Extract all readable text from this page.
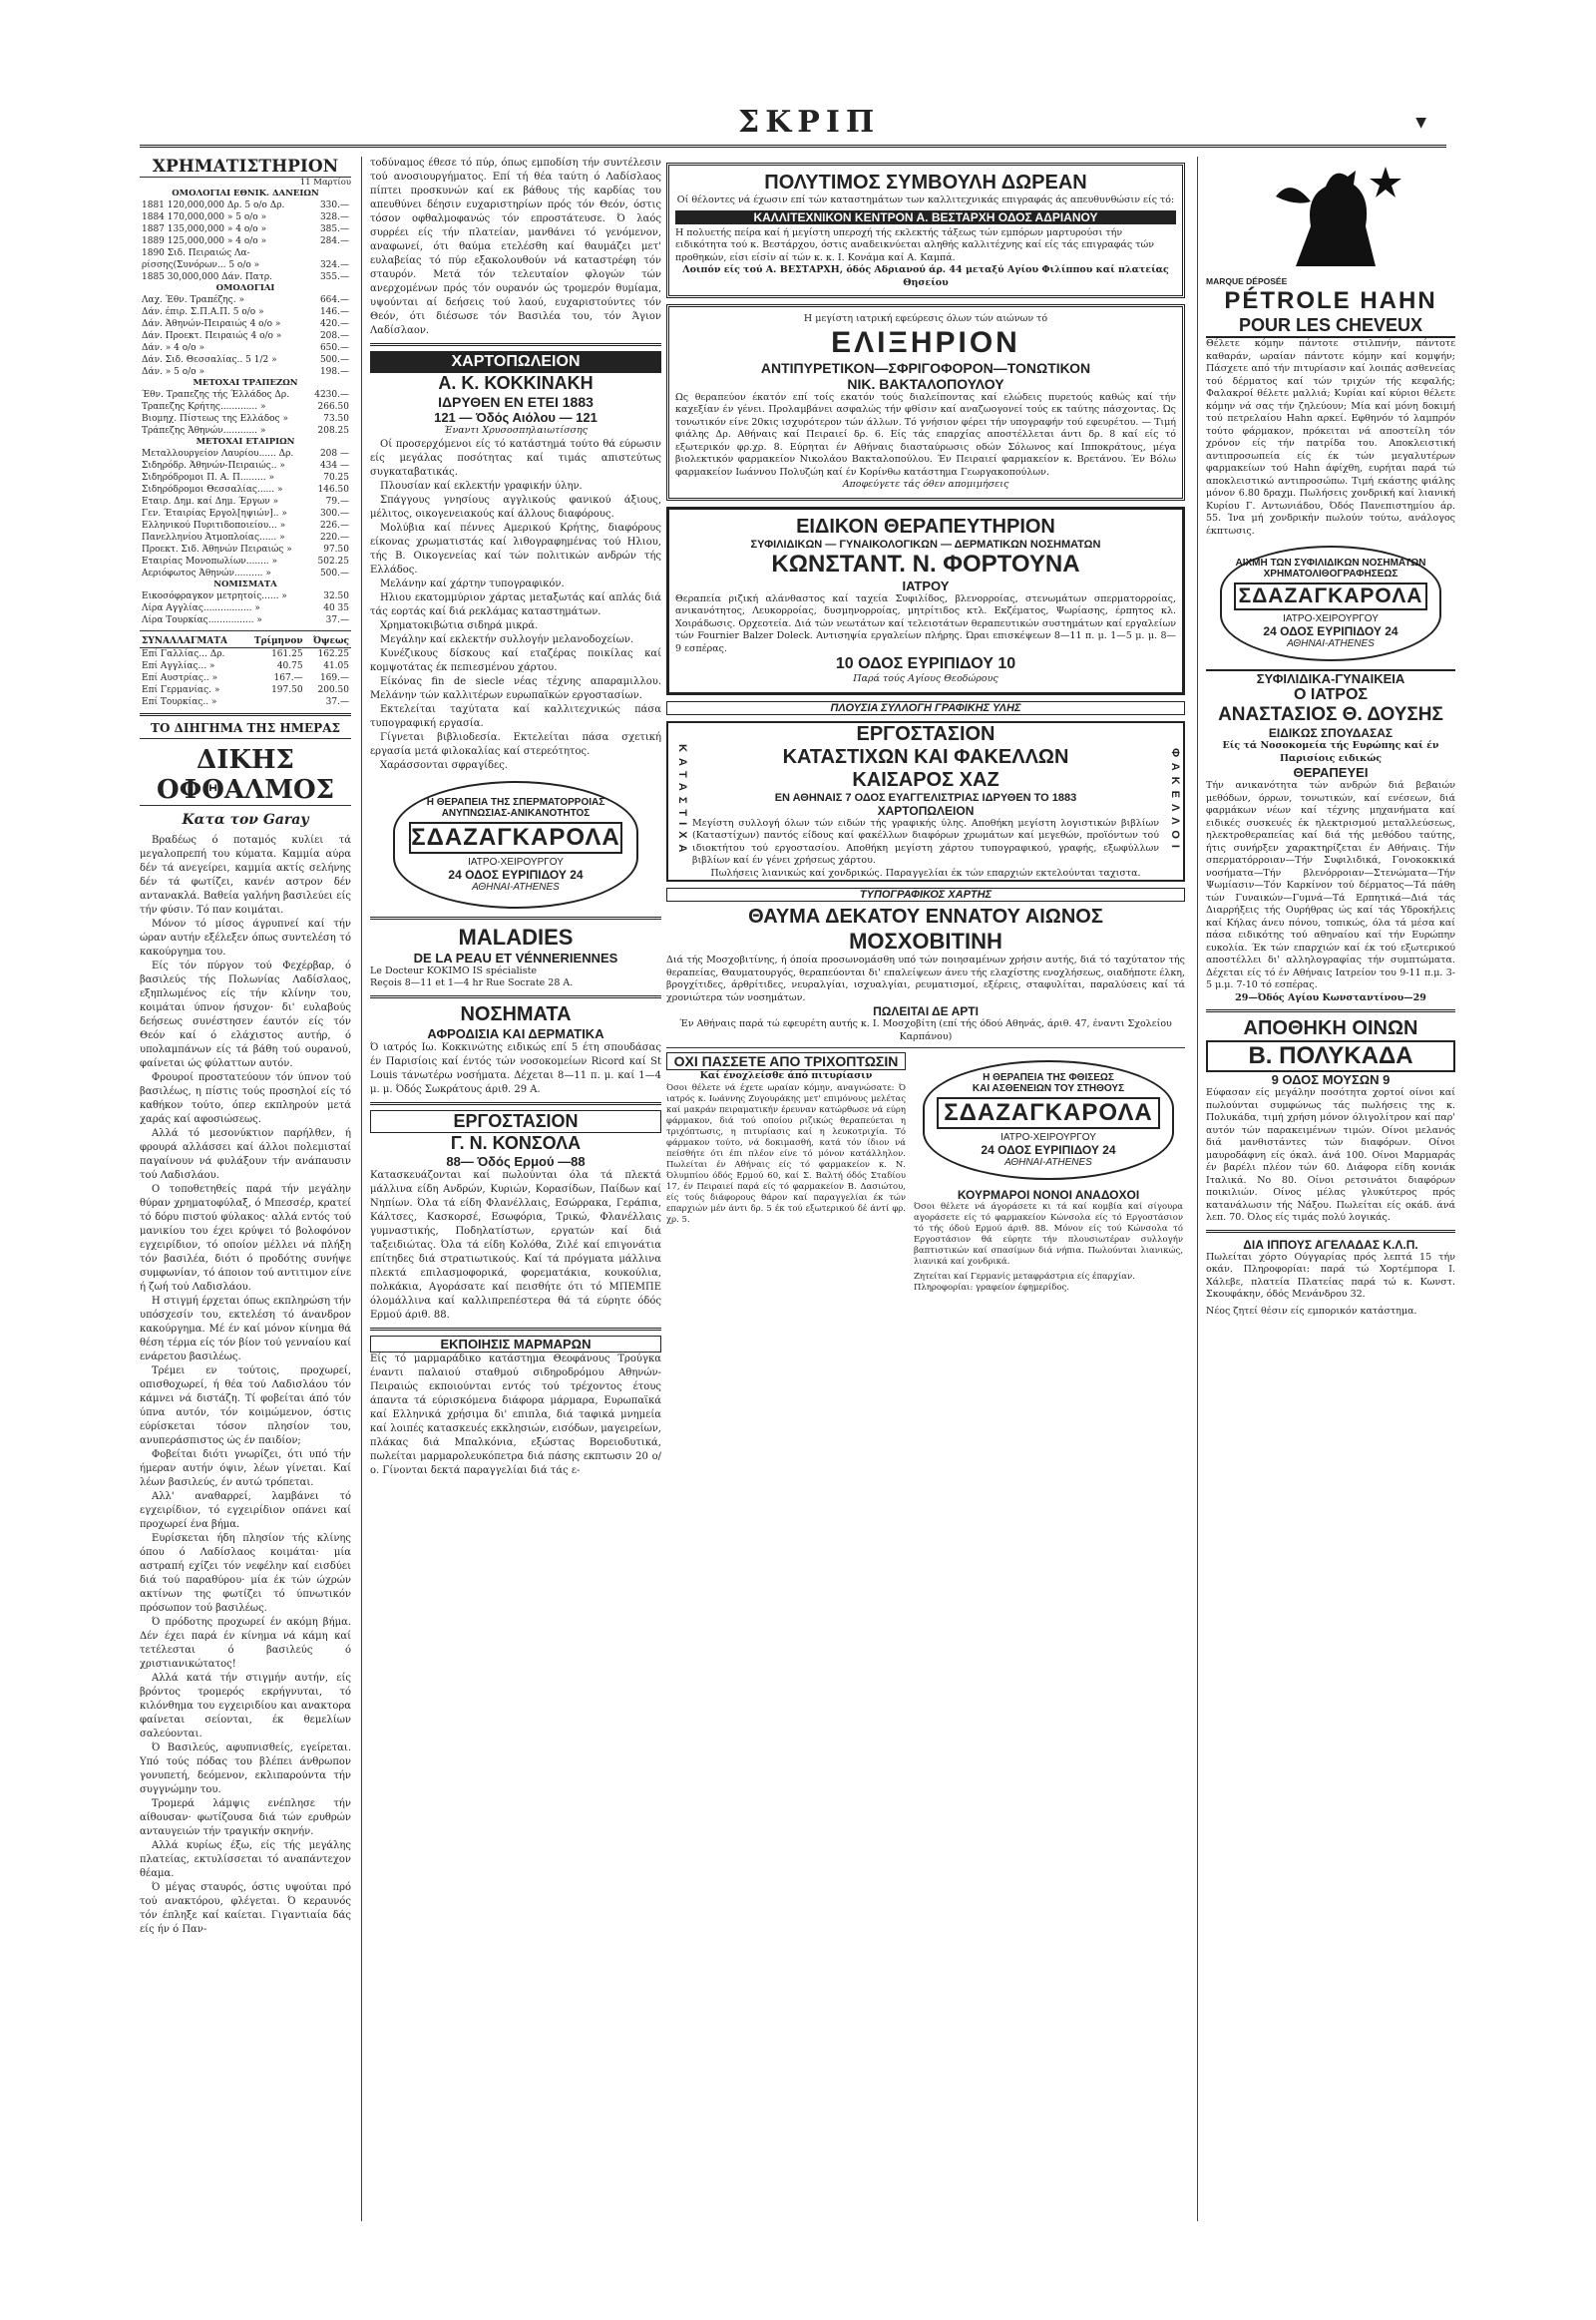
ΣΚΡΙΠ	▼
ΧΡΗΜΑΤΙΣΤΗΡΙΟΝ
11 Μαρτίου
ΟΜΟΛΟΓΙΑΙ ΕΘΝΙΚ. ΔΑΝΕΙΩΝ
1881 120,000,000 Δρ. 5 ο/ο Δρ.	330.—
1884 170,000,000 » 5 ο/ο »	328.—
1887 135,000,000 » 4 ο/ο »	385.—
1889 125,000,000 » 4 ο/ο »	284.—
1890 Σιδ. Πειραιώς Λα-	
ρίσσης(Συνόρων... 5 ο/ο »	324.—
1885 30,000,000 Δάν. Πατρ.	355.—
ΟΜΟΛΟΓΙΑΙ
Λαχ. Έθν. Τραπέζης. »	664.—
Δάν. έπιρ. Σ.Π.Α.Π. 5 ο/ο »	146.—
Δάν. Άθηνών-Πειραιώς 4 ο/ο »	420.—
Δάν. Προεκτ. Πειραιώς 4 ο/ο »	208.—
Δάν. » 4 ο/ο »	650.—
Δάν. Σιδ. Θεσσαλίας.. 5 1/2 »	500.—
Δάν. » 5 ο/ο »	198.—
ΜΕΤΟΧΑΙ ΤΡΑΠΕΖΩΝ
Έθν. Τραπεζης τής Έλλάδος Δρ.	4230.—
Τραπεζης Κρήτης............. »	266.50
Βιομηχ. Πίστεως της Ελλάδος »	73.50
Τράπεζης Άθηνών............ »	208.25
ΜΕΤΟΧΑΙ ΕΤΑΙΡΙΩΝ
Μεταλλουργείον Λαυρίου...... Δρ.	208 —
Σιδηρόδρ. Άθηνών-Πειραιώς.. »	434 —
Σιδηρόδρομοι Π. Α. Π......... »	70.25
Σιδηρόδρομοι Θεσσαλίας...... »	146.50
Εταιρ. Δημ. καί Δημ. Έργων »	79.—
Γεν. Έταιρίας Εργολ[ηψιών].. »	300.—
Ελληνικού Πυριτιδοποιείου... »	226.—
Πανελληνίου Άτμοπλοίας...... »	220.—
Προεκτ. Σιδ. Άθηνών Πειραιώς »	97.50
Εταιρίας Μονοπωλίων........ »	502.25
Αεριόφωτος Άθηνών.......... »	500.—
ΝΟΜΙΣΜΑΤΑ
Εικοσόφραγκον μετρητοίς...... »	32.50
Λίρα Αγγλίας................. »	40 35
Λίρα Τουρκίας................ »	37.—
ΣΥΝΑΛΛΑΓΜΑΤΑ	Τρίμηνον	Όψεως
Επί Γαλλίας... Δρ.	161.25	162.25
Επί Αγγλίας... »	40.75	41.05
Επί Αυστρίας.. »	167.—	169.—
Επί Γερμανίας. »	197.50	200.50
Επί Τουρκίας.. »		37.—
ΤΟ ΔΙΗΓΗΜΑ ΤΗΣ ΗΜΕΡΑΣ
ΔΙΚΗΣ ΟΦΘΑΛΜΟΣ
Κατα τον Garay
Βραδέως ό ποταμός κυλίει τά μεγαλοπρεπή του κύματα. Καμμία αύρα δέν τά ανεγείρει, καμμία ακτίς σελήνης δέν τά φωτίζει, κανέν αστρον δέν αντανακλά. Βαθεία γαλήνη βασιλεύει είς τήν φύσιν. Τό παν κοιμάται.
Μόνον τό μίσος άγρυπνεί καί τήν ώραν αυτήν εξέλεξεν όπως συντελέση τό κακούργημα του.
Είς τόν πύργον τού Φεχέρβαρ, ό βασιλεύς τής Πολωνίας Λαδίσλαος, εξηπλωμένος είς τήν κλίνην του, κοιμάται ύπνον ήσυχον· δι' ευλαβούς δεήσεως συνέστησεν έαυτόν είς τόν Θεόν καί ό ελάχιστος αυτήρ, ό υπολαμπάνων είς τά βάθη τού ουρανού, φαίνεται ώς φύλαττων αυτόν.
Φρουροί προστατεύουν τόν ύπνον τού βασιλέως, η πίστις τούς προσηλοί είς τό καθήκον τούτο, όπερ εκπληρούν μετά χαράς καί αφοσιώσεως.
Αλλά τό μεσονύκτιον παρήλθεν, ή φρουρά αλλάσσει καί άλλοι πολεμισταί παγαίνουν νά φυλάξουν τήν ανάπαυσιν τού Λαδισλάου.
Ο τοποθετηθείς παρά τήν μεγάλην θύραν χρηματοφύλαξ, ό Μπεσσέρ, κρατεί τό δόρυ πιστού φύλακος· αλλά εντός τού μανικίου του έχει κρύψει τό βολοφόνον εγχειρίδιον, τό οποίον μέλλει νά πλήξη τόν βασιλέα, διότι ό προδότης συνήψε συμφωνίαν, τό άποιον τού αντιτιμον είνε ή ζωή τού Λαδισλάου.
Η στιγμή έρχεται όπως εκπληρώση τήν υπόσχεσίν του, εκτελέση τό άνανδρον κακούργημα. Μέ έν καί μόνον κίνημα θά θέση τέρμα είς τόν βίον τού γενναίου καί ενάρετου βασιλέως.
Τρέμει εν τούτοις, προχωρεί, οπισθοχωρεί, ή θέα τού Λαδισλάου τόν κάμνει νά διστάζη. Τί φοβείται άπό τόν ύπνα αυτόν, τόν κοιμώμενον, όστις εύρίσκεται τόσον πλησίον του, ανυπεράσπιστος ώς έν παιδίον;
Φοβείται διότι γνωρίζει, ότι υπό τήν ήμεραν αυτήν όψιν, λέων γίνεται. Καί λέων βασιλεύς, έν αυτώ τρόπεται.
Αλλ' αναθαρρεί, λαμβάνει τό εγχειρίδιον, τό εγχειρίδιον οπάνει καί προχωρεί ένα βήμα.
Ευρίσκεται ήδη πλησίον τής κλίνης όπου ό Λαδίσλαος κοιμάται· μία αστραπή εχίζει τόν νεφέλην καί εισδύει διά τού παραθύρου· μία έκ τών ώχρών ακτίνων της φωτίζει τό ύπνωτικόν πρόσωπον τού βασιλέως.
Ό πρόδοτης προχωρεί έν ακόμη βήμα. Δέν έχει παρά έν κίνημα νά κάμη καί τετέλεσται ό βασιλεύς ό χριστιανικώτατος!
Αλλά κατά τήν στιγμήν αυτήν, είς βρόντος τρομερός εκρήγνυται, τό κιλόνθημα του εγχειριδίου και ανακτορα φαίνεται σείονται, έκ θεμελίων σαλεύονται.
Ό Βασιλεύς, αφυπνισθείς, εγείρεται. Υπό τούς πόδας του βλέπει άνθρωπον γονυπετή, δεόμενον, εκλιπαρούντα τήν συγγνώμην του.
Τρομερά λάμψις ενέπλησε τήν αίθουσαν· φωτίζουσα διά τών ερυθρών ανταυγειών τήν τραγικήν σκηνήν.
Αλλά κυρίως έξω, είς τής μεγάλης πλατείας, εκτυλίσσεται τό αναπάντεχον θέαμα.
Ό μέγας σταυρός, όστις υψούται πρό τού ανακτόρου, φλέγεται. Ό κεραυνός τόν έπληξε καί καίεται. Γιγαντιαία δάς είς ήν ό Παν-
τοδύναμος έθεσε τό πύρ, όπως εμποδίση τήν συντέλεσιν τού ανοσιουργήματος. Επί τή θέα ταύτη ό Λαδίσλαος πίπτει προσκυνών καί εκ βάθους τής καρδίας του απευθύνει δέησιν ευχαριστηρίων πρός τόν Θεόν, όστις τόσον οφθαλμοφανώς τόν επροστάτευσε. Ό λαός συρρέει είς τήν πλατείαν, μανθάνει τό γενόμενον, αναφωνεί, ότι θαύμα ετελέσθη καί θαυμάζει μετ' ευλαβείας τό πύρ εξακολουθούν νά καταστρέφη τόν σταυρόν. Μετά τόν τελευταίον φλογών τών ανερχομένων πρός τόν ουρανόν ώς τρομερόν θυμίαμα, υψούνται αί δεήσεις τού λαού, ευχαριστούντες τόν Θεόν, ότι διέσωσε τόν Βασιλέα του, τόν Άγιον Λαδίσλαον.
ΧΑΡΤΟΠΩΛΕΙΟΝ
Α. Κ. ΚΟΚΚΙΝΑΚΗ
ΙΔΡΥΘΕΝ ΕΝ ΕΤΕΙ 1883
121 — Όδός Αιόλου — 121
Έναντι Χρυσοσπηλαιωτίσσης
Οί προσερχόμενοι είς τό κατάστημά τούτο θά εύρωσιν είς μεγάλας ποσότητας καί τιμάς απιστεύτως συγκαταβατικάς.
Πλουσίαν καί εκλεκτήν γραφικήν ύλην.
Σπάγγους γνησίους αγγλικούς φανικού άξιους, μέλιτος, οικογενειακούς καί άλλους διαφόρους.
Μολύβια καί πέννες Αμερικού Κρήτης, διαφόρους είκονας χρωματιστάς καί λιθογραφημένας τού Ηλιου, τής Β. Οικογενείας καί τών πολιτικών ανδρών τής Ελλάδος.
Μελάνην καί χάρτην τυπογραφικόν.
Ηλιου εκατομμύριον χάρτας μεταξωτάς καί απλάς διά τάς εορτάς καί διά ρεκλάμας καταστημάτων.
Χρηματοκιβώτια σιδηρά μικρά.
Μεγάλην καί εκλεκτήν συλλογήν μελανοδοχείων.
Κυνέζικους δίσκους καί εταζέρας ποικίλας καί κομψοτάτας έκ πεπιεσμένου χάρτου.
Είκόνας fin de siecle νέας τέχνης απαραμιλλου. Μελάνην τών καλλιτέρων ευρωπαϊκών εργοστασίων.
Εκτελείται ταχύτατα καί καλλιτεχνικώς πάσα τυπογραφική εργασία.
Γίγνεται βιβλιοδεσία. Εκτελείται πάσα σχετική εργασία μετά φιλοκαλίας καί στερεότητος.
Χαράσσονται σφραγίδες.
Η ΘΕΡΑΠΕΙΑ ΤΗΣ ΣΠΕΡΜΑΤΟΡΡΟΙΑΣ
ΑΝΥΠΝΩΣΙΑΣ-ΑΝΙΚΑΝΟΤΗΤΟΣ
ΣΔΑΖΑΓΚΑΡΟΛΑ
ΙΑΤΡΟ-ΧΕΙΡΟΥΡΓΟΥ
24 ΟΔΟΣ ΕΥΡΙΠΙΔΟΥ 24
ΑΘΗΝΑΙ-ATHENES
MALADIES
DE LA PEAU ET VÉNNERIENNES
Le Docteur KOKIMO IS spécialiste
Reçois 8—11 et 1—4 hr Rue Socrate 28 A.
ΝΟΣΗΜΑΤΑ
ΑΦΡΟΔΙΣΙΑ ΚΑΙ ΔΕΡΜΑΤΙΚΑ
Ό ιατρός Ιω. Κοκκινώτης ειδικώς επί 5 έτη σπουδάσας έν Παρισίοις καί έντός τών νοσοκομείων Ricord καί St Louis τάνωτέρω νοσήματα. Δέχεται 8—11 π. μ. καί 1—4 μ. μ. Όδός Σωκράτους άριθ. 29 Α.
ΕΡΓΟΣΤΑΣΙΟΝ
Γ. Ν. ΚΟΝΣΟΛΑ
88— Όδός Ερμού —88
Κατασκευάζονται καί πωλούνται όλα τά πλεκτά μάλλινα είδη Ανδρών, Κυριών, Κορασίδων, Παίδων καί Νηπίων. Όλα τά είδη Φλανέλλαις, Εσώρρακα, Γεράπια, Κάλτσες, Κασκορσέ, Εσωφόρια, Τρικώ, Φλανέλλαις γυμναστικής, Ποδηλατίστων, εργατών καί διά ταξειδιώτας. Όλα τά είδη Κολόθα, Ζιλέ καί επιγονάτια επίτηδες διά στρατιωτικούς. Καί τά πρόγματα μάλλινα πλεκτά επιλασμοφορικά, φορεματάκια, κουκούλια, πολκάκια, Αγοράσατε καί πεισθήτε ότι τό ΜΠΕΜΠΕ όλομάλλινα καί καλλιπρεπέστερα θά τά εύρητε όδός Ερμού άριθ. 88.
ΕΚΠΟΙΗΣΙΣ ΜΑΡΜΑΡΩΝ
Είς τό μαρμαράδικο κατάστημα Θεοφάνους Τρούγκα έναντι παλαιού σταθμού σιδηροδρόμου Αθηνών-Πειραιώς εκποιούνται εντός τού τρέχοντος έτους άπαντα τά εύρισκόμενα διάφορα μάρμαρα, Ευρωπαϊκά καί Ελληνικά χρήσιμα δι' επιπλα, διά ταφικά μνημεία καί λοιπές κατασκευές εκκλησιών, εισόδων, μαγειρείων, πλάκας διά Μπαλκόνια, εξώστας Βορειοδυτικά, πωλείται μαρμαρολευκόπετρα διά πάσης εκπτωσιν 20 ο/ο. Γίνονται δεκτά παραγγελίαι διά τάς ε-
ΠΟΛΥΤΙΜΟΣ ΣΥΜΒΟΥΛΗ ΔΩΡΕΑΝ
Οί θέλοντες νά έχωσιν επί τών καταστημάτων των καλλιτεχνικάς επιγραφάς άς απευθυνθώσιν είς τό:
ΚΑΛΛΙΤΕΧΝΙΚΟΝ ΚΕΝΤΡΟΝ Α. ΒΕΣΤΑΡΧΗ ΟΔΟΣ ΑΔΡΙΑΝΟΥ
Η πολυετής πείρα καί ή μεγίστη υπεροχή τής εκλεκτής τάξεως τών εμπόρων μαρτυρούσι τήν ειδικότητα τού κ. Βεστάρχου, όστις αναδεικνύεται αληθής καλλιτέχνης καί είς τάς επιγραφάς τών προθηκών, είσι είσίν αί τών κ. κ. Ι. Κονάμα καί Α. Καμπά.
Λοιπόν είς τού Α. ΒΕΣΤΑΡΧΗ, όδός Αδριανού άρ. 44 μεταξύ Αγίου Φιλίππου καί πλατείας Θησείου
Η μεγίστη ιατρική εφεύρεσις όλων τών αιώνων τό
ΕΛΙΞΗΡΙΟΝ
ΑΝΤΙΠΥΡΕΤΙΚΟΝ—ΣΦΡΙΓΟΦΟΡΟΝ—ΤΟΝΩΤΙΚΟΝ
ΝΙΚ. ΒΑΚΤΑΛΟΠΟΥΛΟΥ
Ως θεραπεύον έκατόν επί τοίς εκατόν τούς διαλείποντας καί ελώδεις πυρετούς καθώς καί τήν καχεξίαν έν γένει. Προλαμβάνει ασφαλώς τήν φθίσιν καί αναζωογονεί τούς εκ ταύτης πάσχοντας. Ώς τονωτικόν είνε 20κις ισχυρότερον τών άλλων. Τό γνήσιον φέρει τήν υπογραφήν τού εφευρέτου. — Τιμή φιάλης Δρ. Αθήναις καί Πειραιεί δρ. 6. Είς τάς επαρχίας αποστέλλεται άντι δρ. 8 καί είς τό εξωτερικόν φρ.χρ. 8. Εύρηται έν Αθήναις διασταύρωσις οδών Σόλωνος καί Ιπποκράτους, μέγα βιολεκτικόν φαρμακείον Νικολάου Βακταλοπούλου. Έν Πειραιεί φαρμακείον κ. Βρετάνου. Έν Βόλω φαρμακείον Ιωάννου Πολυζώη καί έν Κορίνθω κατάστημα Γεωργακοπούλων.
Αποφεύγετε τάς όθεν απομιμήσεις
ΕΙΔΙΚΟΝ ΘΕΡΑΠΕΥΤΗΡΙΟΝ
ΣΥΦΙΛΙΔΙΚΩΝ — ΓΥΝΑΙΚΟΛΟΓΙΚΩΝ — ΔΕΡΜΑΤΙΚΩΝ ΝΟΣΗΜΑΤΩΝ
ΚΩΝΣΤΑΝΤ. Ν. ΦΟΡΤΟΥΝΑ
ΙΑΤΡΟΥ
Θεραπεία ριζική αλάνθαστος καί ταχεία Συφιλίδος, βλενορροίας, στενωμάτων σπερματορροίας, ανικανότητος, Λευκορροίας, δυσμηνορροίας, μητρίτιδος κτλ. Εκζέματος, Ψωρίασης, έρπητος κλ. Χοιράδωσις. Ορχεοτεία. Διά τών νεωτάτων καί τελειοτάτων θεραπευτικών συστημάτων καί εργαλείων τών Fournier Balzer Doleck. Αντισηψία εργαλείων πλήρης. Ώραι επισκέψεων 8—11 π. μ. 1—5 μ. μ. 8—9 εσπέρας.
10 ΟΔΟΣ ΕΥΡΙΠΙΔΟΥ 10
Παρά τούς Αγίους Θεοδώρους
ΠΛΟΥΣΙΑ ΣΥΛΛΟΓΗ ΓΡΑΦΙΚΗΣ ΥΛΗΣ
ΚΑΤΑΣΤΙΧΑ	ΦΑΚΕΛΛΟΙ
ΕΡΓΟΣΤΑΣΙΟΝ
ΚΑΤΑΣΤΙΧΩΝ ΚΑΙ ΦΑΚΕΛΛΩΝ
ΚΑΙΣΑΡΟΣ ΧΑΖ
ΕΝ ΑΘΗΝΑΙΣ 7 ΟΔΟΣ ΕΥΑΓΓΕΛΙΣΤΡΙΑΣ ΙΔΡΥΘΕΝ ΤΟ 1883
ΧΑΡΤΟΠΩΛΕΙΟΝ
Μεγίστη συλλογή όλων τών ειδών τής γραφικής ύλης. Αποθήκη μεγίστη λογιστικών βιβλίων (Καταστίχων) παντός είδους καί φακέλλων διαφόρων χρωμάτων καί μεγεθών, προϊόντων τού ιδιοκτήτου τού εργοστασίου. Αποθήκη μεγίστη χάρτου τυπογραφικού, γραφής, εξωφύλλων βιβλίων καί έν γένει χρήσεως χάρτου.
Πωλήσεις λιανικώς καί χονδρικώς. Παραγγελίαι έκ τών επαρχιών εκτελούνται ταχιστα.
ΤΥΠΟΓΡΑΦΙΚΟΣ ΧΑΡΤΗΣ
ΘΑΥΜΑ ΔΕΚΑΤΟΥ ΕΝΝΑΤΟΥ ΑΙΩΝΟΣ
ΜΟΣΧΟΒΙΤΙΝΗ
Διά τής Μοσχοβιτίνης, ή όποία προσωνομάσθη υπό τών ποιησαμένων χρήσιν αυτής, διά τό ταχύτατον τής θεραπείας, Θαυματουργός, θεραπεύονται δι' επαλείψεων άνευ τής ελαχίστης ενοχλήσεως, οιαδήποτε έλκη, βρογχίτιδες, άρθρίτιδες, νευραλγίαι, ισχυαλγίαι, ρευματισμοί, εξέρεις, σταφυλίται, παραλύσεις καί τά χρονιώτερα τών νοσημάτων.
ΠΩΛΕΙΤΑΙ ΔΕ ΑΡΤΙ
Έν Αθήναις παρά τώ εφευρέτη αυτής κ. Ι. Μοσχοβίτη (επί τής όδού Αθηνάς, άριθ. 47, έναντι Σχολείου Καρπάνου)
ΟΧΙ ΠΑΣΣΕΤΕ ΑΠΟ ΤΡΙΧΟΠΤΩΣΙΝ
Καί ένοχλείσθε άπό πιτυρίασιν
Όσοι θέλετε νά έχετε ωραίαν κόμην, αναγνώσατε: Ό ιατρός κ. Ιωάννης Ζυγουράκης μετ' επιμόνους μελέτας καί μακράν πειραματικήν έρευναν κατώρθωσε νά εύρη φάρμακον, διά τού οποίου ριζικώς θεραπεύεται η τριχόπτωσις, η πιτυρίασις καί η λευκοτριχία. Τό φάρμακον τούτο, νά δοκιμασθή, κατά τόν ίδιον νά πείσθήτε ότι έπι πλέον είνε τό μόνον κατάλληλον. Πωλείται έν Αθήναις είς τό φαρμακείον κ. Ν. Όλυμπίου όδός Ερμού 60, καί Σ. Βαλτή όδός Σταδίου 17, έν Πειραιεί παρά είς τό φαρμακείον Β. Δασιώτου, είς τούς διάφορους θάρον καί παραγγελίαι έκ τών επαρχιών μέν άντι δρ. 5 έκ τού εξωτερικού δέ άντί φρ. χρ. 5.
Η ΘΕΡΑΠΕΙΑ ΤΗΣ ΦΘΙΣΕΩΣ
ΚΑΙ ΑΣΘΕΝΕΙΩΝ ΤΟΥ ΣΤΗΘΟΥΣ
ΣΔΑΖΑΓΚΑΡΟΛΑ
ΙΑΤΡΟ-ΧΕΙΡΟΥΡΓΟΥ
24 ΟΔΟΣ ΕΥΡΙΠΙΔΟΥ 24
ΑΘΗΝΑΙ-ATHENES
ΚΟΥΡΜΑΡΟΙ ΝΟΝΟΙ ΑΝΑΔΟΧΟΙ
Όσοι θέλετε νά άγοράσετε κι τά καί κομβία καί σίγουρα αγοράσετε είς τό φαρμακείον Κώνσολα είς τό Εργοστάσιον τό τής όδού Ερμού άριθ. 88. Μόνον είς τού Κώνσολα τό Εργοστάσιον θά εύρητε τήν πλουσιωτέραν συλλογήν βαπτιστικών καί σπασίμων διά νήπια. Πωλούνται λιανικώς, λιανικά καί χονδρικά.
Ζητείται καί Γερμανίς μεταφράστρια είς έπαρχίαν. Πληροφορίαι: γραφείον έφημερίδος.
MARQUE DÉPOSÉE
PÉTROLE HAHN
POUR LES CHEVEUX
Θέλετε κόμην πάντοτε στιλπνήν, πάντοτε καθαράν, ωραίαν πάντοτε κόμην καί κομψήν; Πάσχετε από τήν πιτυρίασιν καί λοιπάς ασθενείας τού δέρματος καί τών τριχών τής κεφαλής; Φαλακροί θέλετε μαλλιά; Κυρίαι καί κύριοι θέλετε κόμην νά σας τήν ζηλεύουν; Μία καί μόνη δοκιμή τού πετρελαίου Hahn αρκεί. Εφθηνόν τό λαμπρόν τούτο φάρμακον, πρόκειται νά αποστείλη τόν χρόνον είς τήν πατρίδα του. Αποκλειστική αντιπροσωπεία είς έκ τών μεγαλυτέρων φαρμακείων τού Hahn άφίχθη, ευρήται παρά τώ αποκλειστικώ αντιπροσώπω. Τιμή εκάστης φιάλης μόνον 6.80 δραχμ. Πωλήσεις χονδρική καί λιανική Κυρίου Γ. Αντωνιάδου, Όδός Πανεπιστημίου άρ. 55. Ίνα μή χονδρικήν πωλούν τούτω, ανάλογος έκπτωσις.
ΑΙΧΜΗ ΤΩΝ ΣΥΦΙΛΙΔΙΚΩΝ ΝΟΣΗΜΑΤΩΝ
ΧΡΗΜΑΤΟΛΙΘΟΓΡΑΦΗΣΕΩΣ
ΣΔΑΖΑΓΚΑΡΟΛΑ
ΙΑΤΡΟ-ΧΕΙΡΟΥΡΓΟΥ
24 ΟΔΟΣ ΕΥΡΙΠΙΔΟΥ 24
ΑΘΗΝΑΙ-ATHENES
ΣΥΦΙΛΙΔΙΚΑ-ΓΥΝΑΙΚΕΙΑ
Ο ΙΑΤΡΟΣ
ΑΝΑΣΤΑΣΙΟΣ Θ. ΔΟΥΣΗΣ
ΕΙΔΙΚΩΣ ΣΠΟΥΔΑΣΑΣ
Είς τά Νοσοκομεία τής Ευρώπης καί έν Παρισίοις ειδικώς
ΘΕΡΑΠΕΥΕΙ
Τήν ανικανότητα τών ανδρών διά βεβαιών μεθόδων, όρρων, τονωτικών, καί ενέσεων, διά φαρμάκων νέων καί τέχνης μηχανήματα καί ειδικές συσκευές έκ ηλεκτρισμού μεταλλεύσεως, ηλεκτροθεραπείας καί διά τής μεθόδου ταύτης, ήτις συνήρξεν χαρακτηρίζεται έν Αθήναις. Τήν σπερματόρροιαν—Τήν Συφιλιδικά, Γονοκοκκικά νοσήματα—Τήν βλενόρροιαν—Στενώματα—Τήν Ψωμίασιν—Τόν Καρκίνον τού δέρματος—Τά πάθη τών Γυναικών—Γυμνά—Τά Ερπητικά—Διά τάς Διαρρήξεις τής Ουρήθρας ώς καί τάς Υδροκήλεις καί Κήλας άνευ πόνου, τοπικώς, όλα τά μέσα καί πάσα ειδικότης τού αθηναίου καί τήν Ευρώπην ευκολία. Έκ τών επαρχιών καί έκ τού εξωτερικού αποστέλλει δι' αλληλογραφίας τήν συμπτώματα. Δέχεται είς τό έν Αθήναις Ιατρείον του 9-11 π.μ. 3-5 μ.μ. 7-10 τό εσπέρας.
29—Όδός Αγίου Κωνσταντίνου—29
ΑΠΟΘΗΚΗ ΟΙΝΩΝ
Β. ΠΟΛΥΚΑΔΑ
9 ΟΔΟΣ ΜΟΥΣΩΝ 9
Εύφασαν είς μεγάλην ποσότητα χορτοί οίνοι καί πωλούνται συμφώνως τάς πωλήσεις της κ. Πολυκάδα, τιμή χρήση μόνον όλιγολίτρον καί παρ' αυτόν τών παρακειμένων τιμών. Οίνοι μελανός διά μανθιστάντες τών διαφόρων. Οίνοι μαυροδάφνη είς όκαλ. άνά 100. Οίνοι Μαρμαράς έν βαρέλι πλέον τών 60. Διάφορα είδη κονιάκ Ιταλικά. Νο 80. Οίνοι ρετσινάτοι διαφόρων ποικιλιών. Οίνος μέλας γλυκύτερος πρός κατανάλωσιν τής Νάξου. Πωλείται είς οκάδ. άνά λεπ. 70. Όλος είς τιμάς πολύ λογικάς.
ΔΙΑ ΙΠΠΟΥΣ ΑΓΕΛΑΔΑΣ Κ.Λ.Π.
Πωλείται χόρτο Ούγγαρίας πρός λεπτά 15 τήν οκάν. Πληροφορίαι: παρά τώ Χορτέμπορα Ι. Χάλεβε, πλατεία Πλατείας παρά τώ κ. Κωνστ. Σκουφάκην, όδός Μενάνδρου 32.
Νέος ζητεί θέσιν είς εμπορικόν κατάστημα.
